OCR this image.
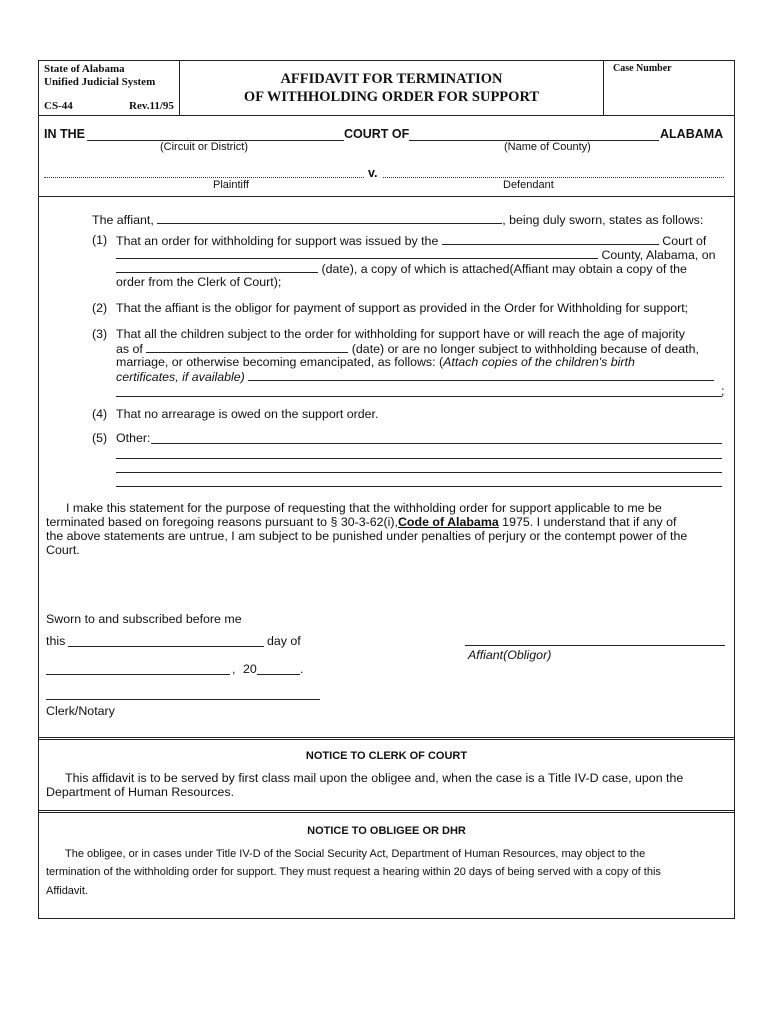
State of Alabama
Unified Judicial System
CS-44	Rev.11/95
AFFIDAVIT FOR TERMINATION
OF WITHHOLDING ORDER FOR SUPPORT
Case Number
IN THE	COURT OF	ALABAMA
(Circuit or District)	(Name of County)
v.
Plaintiff	Defendant
The affiant,	, being duly sworn, states as follows:
(1) That an order for withholding for support was issued by the	Court of
County, Alabama, on
(date), a copy of which is attached(Affiant may obtain a copy of the
order from the Clerk of Court);
(2) That the affiant is the obligor for payment of support as provided in the Order for Withholding for support;
(3) That all the children subject to the order for withholding for support have or will reach the age of majority
as of	(date) or are no longer subject to withholding because of death,
marriage, or otherwise becoming emancipated, as follows: (Attach copies of the children's birth
certificates, if available)
;
(4) That no arrearage is owed on the support order.
(5) Other:
I make this statement for the purpose of requesting that the withholding order for support applicable to me be
terminated based on foregoing reasons pursuant to § 30-3-62(i),Code of Alabama 1975. I understand that if any of
the above statements are untrue, I am subject to be punished under penalties of perjury or the contempt power of the
Court.
Sworn to and subscribed before me
this	day of
Affiant(Obligor)
, 20	.
Clerk/Notary
NOTICE TO CLERK OF COURT
This affidavit is to be served by first class mail upon the obligee and, when the case is a Title IV-D case, upon the
Department of Human Resources.
NOTICE TO OBLIGEE OR DHR
The obligee, or in cases under Title IV-D of the Social Security Act, Department of Human Resources, may object to the
termination of the withholding order for support. They must request a hearing within 20 days of being served with a copy of this
Affidavit.
